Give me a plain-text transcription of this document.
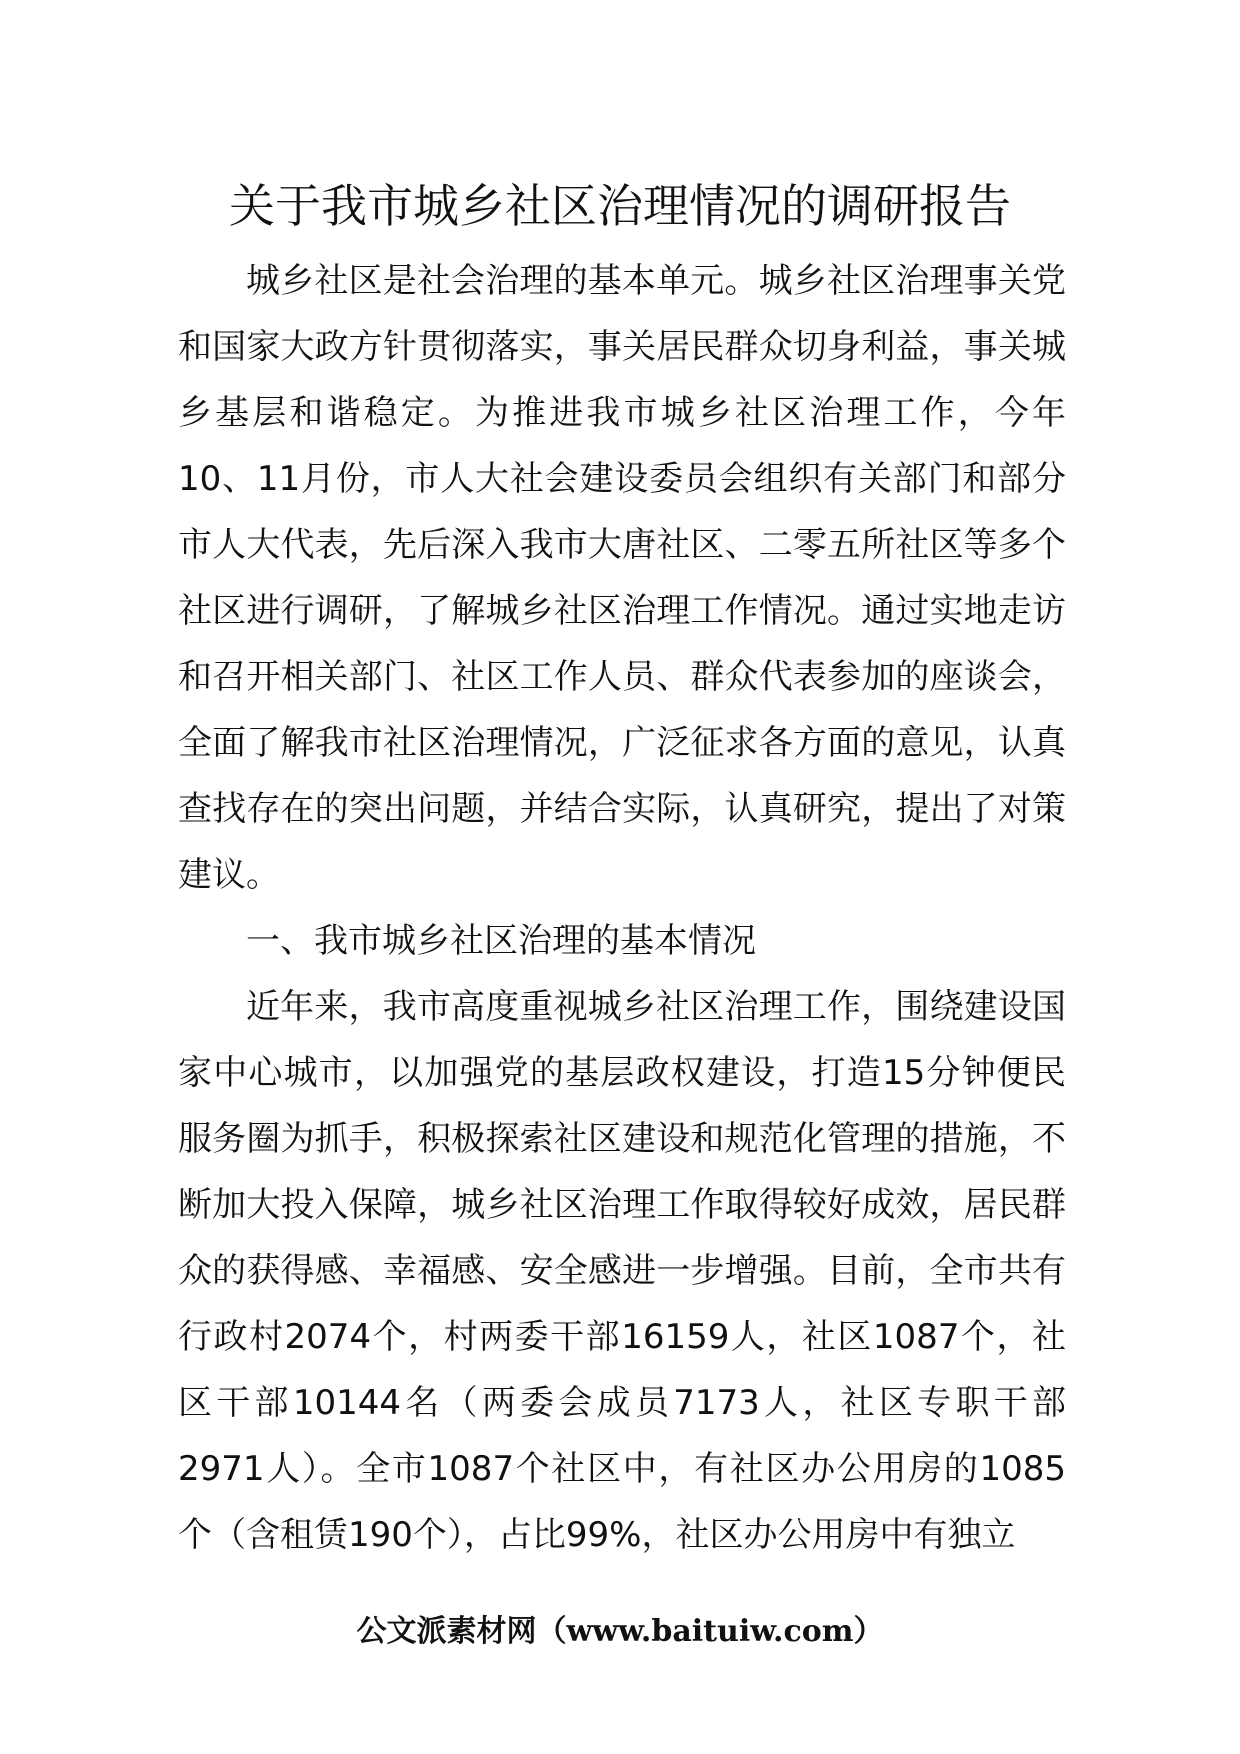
关于我市城乡社区治理情况的调研报告

城乡社区是社会治理的基本单元。城乡社区治理事关党和国家大政方针贯彻落实，事关居民群众切身利益，事关城乡基层和谐稳定。为推进我市城乡社区治理工作，今年10、11月份，市人大社会建设委员会组织有关部门和部分市人大代表，先后深入我市大唐社区、二零五所社区等多个社区进行调研，了解城乡社区治理工作情况。通过实地走访和召开相关部门、社区工作人员、群众代表参加的座谈会，全面了解我市社区治理情况，广泛征求各方面的意见，认真查找存在的突出问题，并结合实际，认真研究，提出了对策建议。

一、我市城乡社区治理的基本情况

近年来，我市高度重视城乡社区治理工作，围绕建设国家中心城市，以加强党的基层政权建设，打造15分钟便民服务圈为抓手，积极探索社区建设和规范化管理的措施，不断加大投入保障，城乡社区治理工作取得较好成效，居民群众的获得感、幸福感、安全感进一步增强。目前，全市共有行政村2074个，村两委干部16159人，社区1087个，社区干部10144名（两委会成员7173人，社区专职干部2971人）。全市1087个社区中，有社区办公用房的1085个（含租赁190个），占比99%，社区办公用房中有独立

公文派素材网（www.baituiw.com）
